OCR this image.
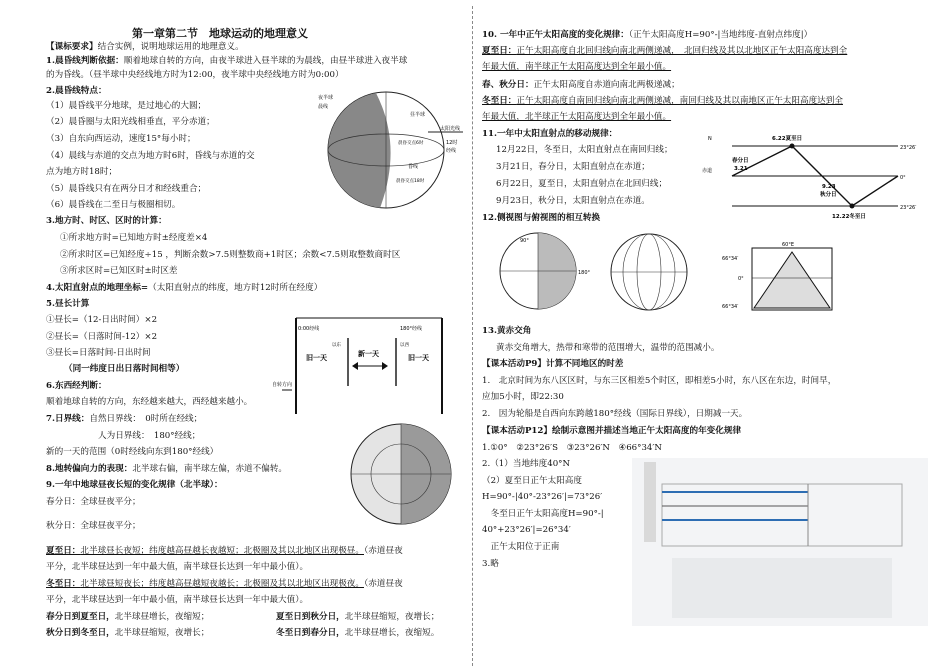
第一章第二节　地球运动的地理意义
【课标要求】结合实例，说明地球运用的地理意义。
1.晨昏线判断依据：顺着地球自转的方向，由夜半球进入昼半球的为晨线，由昼半球进入夜半球
的为昏线。（昼半球中央经线地方时为12:00，夜半球中央经线地方时为0:00）
2.晨昏线特点：
（1）晨昏线平分地球，是过地心的大圆；
（2）晨昏圈与太阳光线相垂直，平分赤道；
（3）自东向西运动，速度15°每小时；
（4）晨线与赤道的交点为地方时6时，昏线与赤道的交
点为地方时18时；
（5）晨昏线只有在两分日才和经线重合；
（6）晨昏线在二至日与极圈相切。
夜半球
晨线
昼半球
昏线
晨昏交点6时
晨昏交点18时
太阳光线
12时
经线
3.地方时、时区、区时的计算：
①所求地方时=已知地方时±经度差×4
②所求时区=已知经度÷15 ，判断余数>7.5则整数商+1时区；余数<7.5则取整数商时区
③所求区时=已知区时±时区差
4.太阳直射点的地理坐标=（太阳直射点的纬度，地方时12时所在经度）
5.昼长计算
①昼长=（12-日出时间）×2
②昼长=（日落时间-12）×2
③昼长=日落时间-日出时间
（同一纬度日出日落时间相等）
6.东西经判断：
顺着地球自转的方向，东经越来越大，西经越来越小。
7.日界线：自然日界线：　0时所在经线；
人为日界线：　180°经线；
新的一天的范围（0时经线向东到180°经线）
0:00经线	180°经线
旧一天	新一天	旧一天
以东	以西
自转方向
8.地转偏向力的表现：北半球右偏，南半球左偏，赤道不偏转。
9.一年中地球昼夜长短的变化规律（北半球）：
春分日：全球昼夜平分；
秋分日：全球昼夜平分；
夏至日：北半球昼长夜短；纬度越高昼越长夜越短；北极圈及其以北地区出现极昼。（赤道昼夜
平分，北半球昼达到一年中最大值，南半球昼长达到一年中最小值）。
冬至日：北半球昼短夜长；纬度越高昼越短夜越长；北极圈及其以北地区出现极夜。（赤道昼夜
平分，北半球昼达到一年中最小值，南半球昼长达到一年中最大值）。
春分日到夏至日，北半球昼增长，夜缩短；	夏至日到秋分日，北半球昼缩短，夜增长；
秋分日到冬至日，北半球昼缩短，夜增长；	冬至日到春分日，北半球昼增长，夜缩短。
10. 一年中正午太阳高度的变化规律：（正午太阳高度H=90°-|当地纬度-直射点纬度|）
夏至日：正午太阳高度自北回归线向南北两侧递减，　北回归线及其以北地区正午太阳高度达到全
年最大值，南半球正午太阳高度达到全年最小值。
春、秋分日：正午太阳高度自赤道向南北两极递减；
冬至日：正午太阳高度自南回归线向南北两侧递减，南回归线及其以南地区正午太阳高度达到全
年最大值，北半球正午太阳高度达到全年最小值。
11.一年中太阳直射点的移动规律：
12月22日，冬至日，太阳直射点在南回归线；
3月21日，春分日，太阳直射点在赤道；
6月22日，夏至日，太阳直射点在北回归线；
9月23日，秋分日，太阳直射点在赤道。
N
赤道
6.22夏至日
春分日
3.21
9.23
秋分日
12.22冬至日
23°26′
0°
23°26′
12.侧视图与俯视图的相互转换
90°
180°
60°E
66°34′
0°
66°34′
13.黄赤交角
黄赤交角增大，热带和寒带的范围增大，温带的范围减小。
【课本活动P9】计算不同地区的时差
1.　北京时间为东八区区时，与东三区相差5个时区，即相差5小时，东八区在东边，时间早，
应加5小时，即22:30
2.　因为轮船是自西向东跨越180°经线（国际日界线），日期减一天。
【课本活动P12】绘制示意图并描述当地正午太阳高度的年变化规律
1.①0°　②23°26′S　③23°26′N　④66°34′N
2.（1）当地纬度40°N
（2）夏至日正午太阳高度
H=90°-|40°-23°26′|=73°26′
　冬至日正午太阳高度H=90°-|
40°+23°26′|=26°34′
　正午太阳位于正南
3.略
